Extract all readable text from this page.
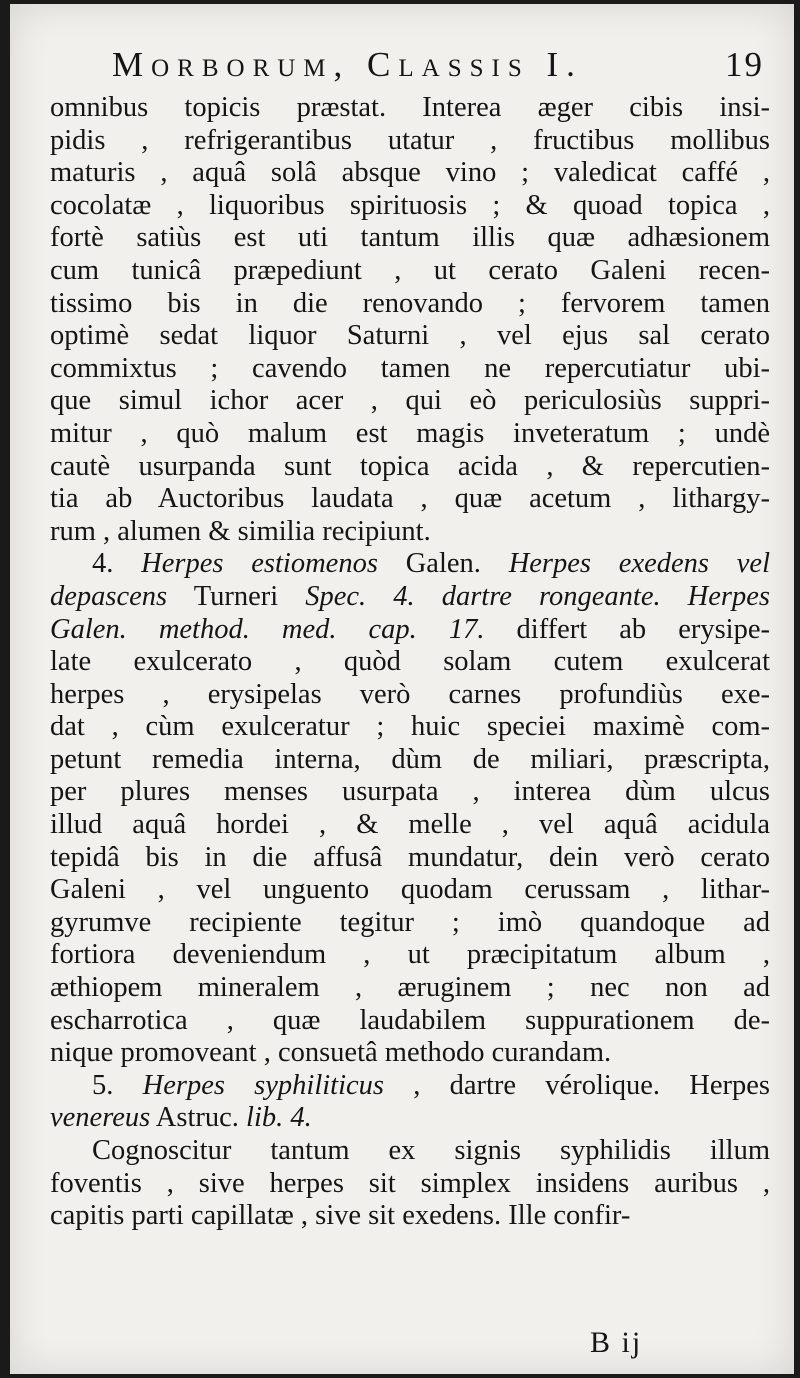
Morborum, Classis I.	19
omnibus topicis præstat. Interea æger cibis insi-
pidis , refrigerantibus utatur , fructibus mollibus
maturis , aquâ solâ absque vino ; valedicat caffé ,
cocolatæ , liquoribus spirituosis ; & quoad topica ,
fortè satiùs est uti tantum illis quæ adhæsionem
cum tunicâ præpediunt , ut cerato Galeni recen-
tissimo bis in die renovando ; fervorem tamen
optimè sedat liquor Saturni , vel ejus sal cerato
commixtus ; cavendo tamen ne repercutiatur ubi-
que simul ichor acer , qui eò periculosiùs suppri-
mitur , quò malum est magis inveteratum ; undè
cautè usurpanda sunt topica acida , & repercutien-
tia ab Auctoribus laudata , quæ acetum , lithargy-
rum , alumen & similia recipiunt.
4. Herpes estiomenos Galen. Herpes exedens vel
depascens Turneri Spec. 4. dartre rongeante. Herpes
Galen. method. med. cap. 17. differt ab erysipe-
late exulcerato , quòd solam cutem exulcerat
herpes , erysipelas verò carnes profundiùs exe-
dat , cùm exulceratur ; huic speciei maximè com-
petunt remedia interna, dùm de miliari, præscripta,
per plures menses usurpata , interea dùm ulcus
illud aquâ hordei , & melle , vel aquâ acidula
tepidâ bis in die affusâ mundatur, dein verò cerato
Galeni , vel unguento quodam cerussam , lithar-
gyrumve recipiente tegitur ; imò quandoque ad
fortiora deveniendum , ut præcipitatum album ,
æthiopem mineralem , æruginem ; nec non ad
escharrotica , quæ laudabilem suppurationem de-
nique promoveant , consuetâ methodo curandam.
5. Herpes syphiliticus , dartre vérolique. Herpes
venereus Astruc. lib. 4.
Cognoscitur tantum ex signis syphilidis illum
foventis , sive herpes sit simplex insidens auribus ,
capitis parti capillatæ , sive sit exedens. Ille confir-
B ij
